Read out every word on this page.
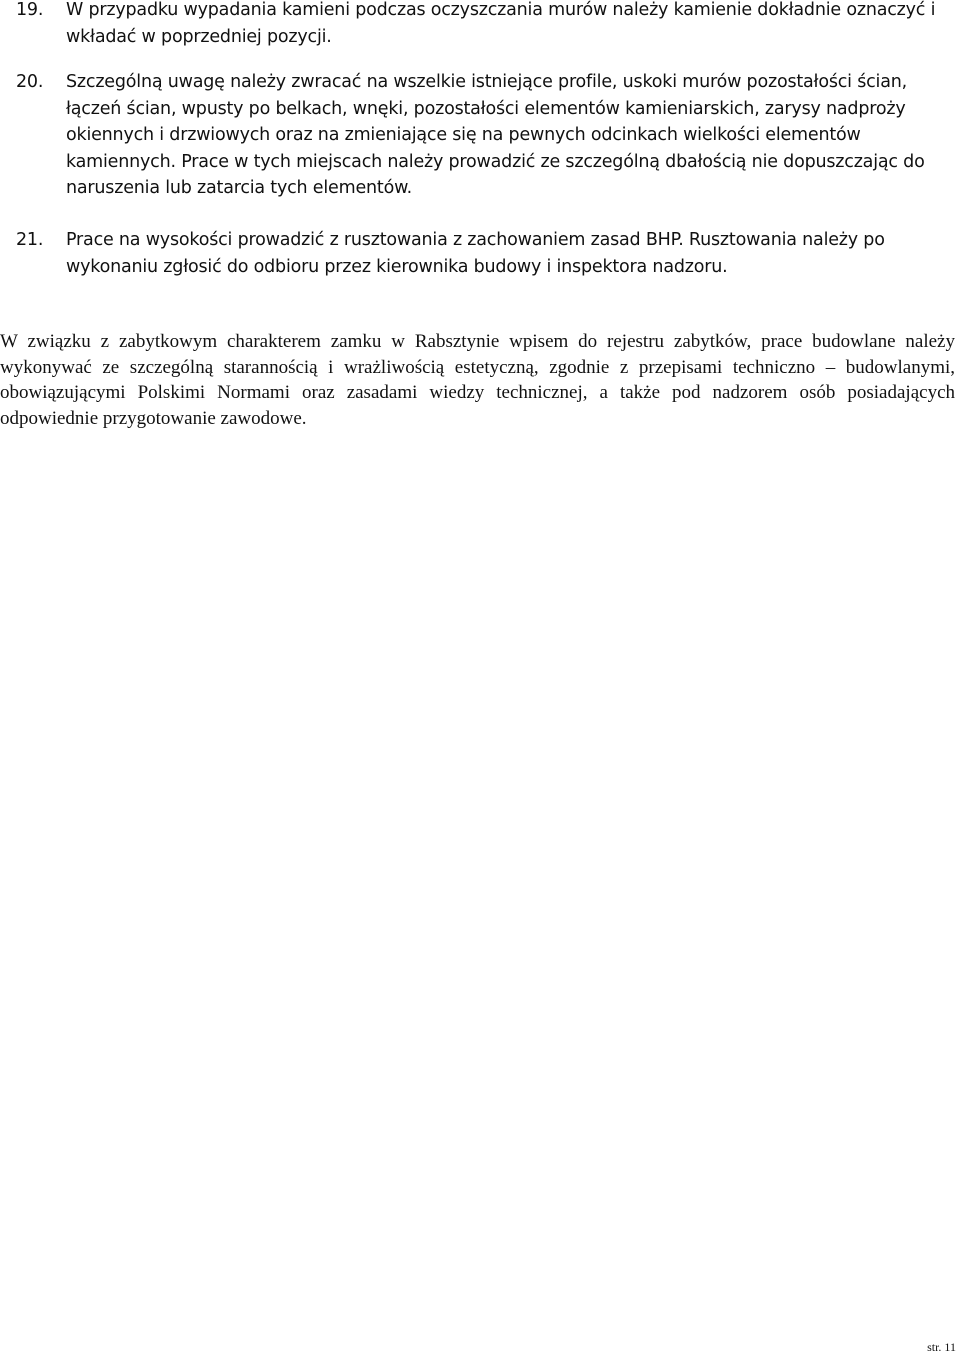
19.	W przypadku wypadania kamieni podczas oczyszczania murów należy kamienie dokładnie oznaczyć i wkładać w poprzedniej pozycji.
20.	Szczególną uwagę należy zwracać na wszelkie istniejące profile, uskoki murów pozostałości ścian, łączeń ścian, wpusty po belkach, wnęki, pozostałości elementów kamieniarskich, zarysy nadproży okiennych i drzwiowych oraz na zmieniające się na pewnych odcinkach wielkości elementów kamiennych. Prace w tych miejscach należy prowadzić ze szczególną dbałością nie dopuszczając do naruszenia lub zatarcia tych elementów.
21.	Prace na wysokości prowadzić z rusztowania z zachowaniem zasad BHP. Rusztowania należy po wykonaniu zgłosić do odbioru przez kierownika budowy i inspektora nadzoru.

W związku z zabytkowym charakterem zamku w Rabsztynie wpisem do rejestru zabytków, prace budowlane należy wykonywać ze szczególną starannością i wrażliwością estetyczną, zgodnie z przepisami techniczno – budowlanymi, obowiązującymi Polskimi Normami oraz zasadami wiedzy technicznej, a także pod nadzorem osób posiadających odpowiednie przygotowanie zawodowe.

str. 11
